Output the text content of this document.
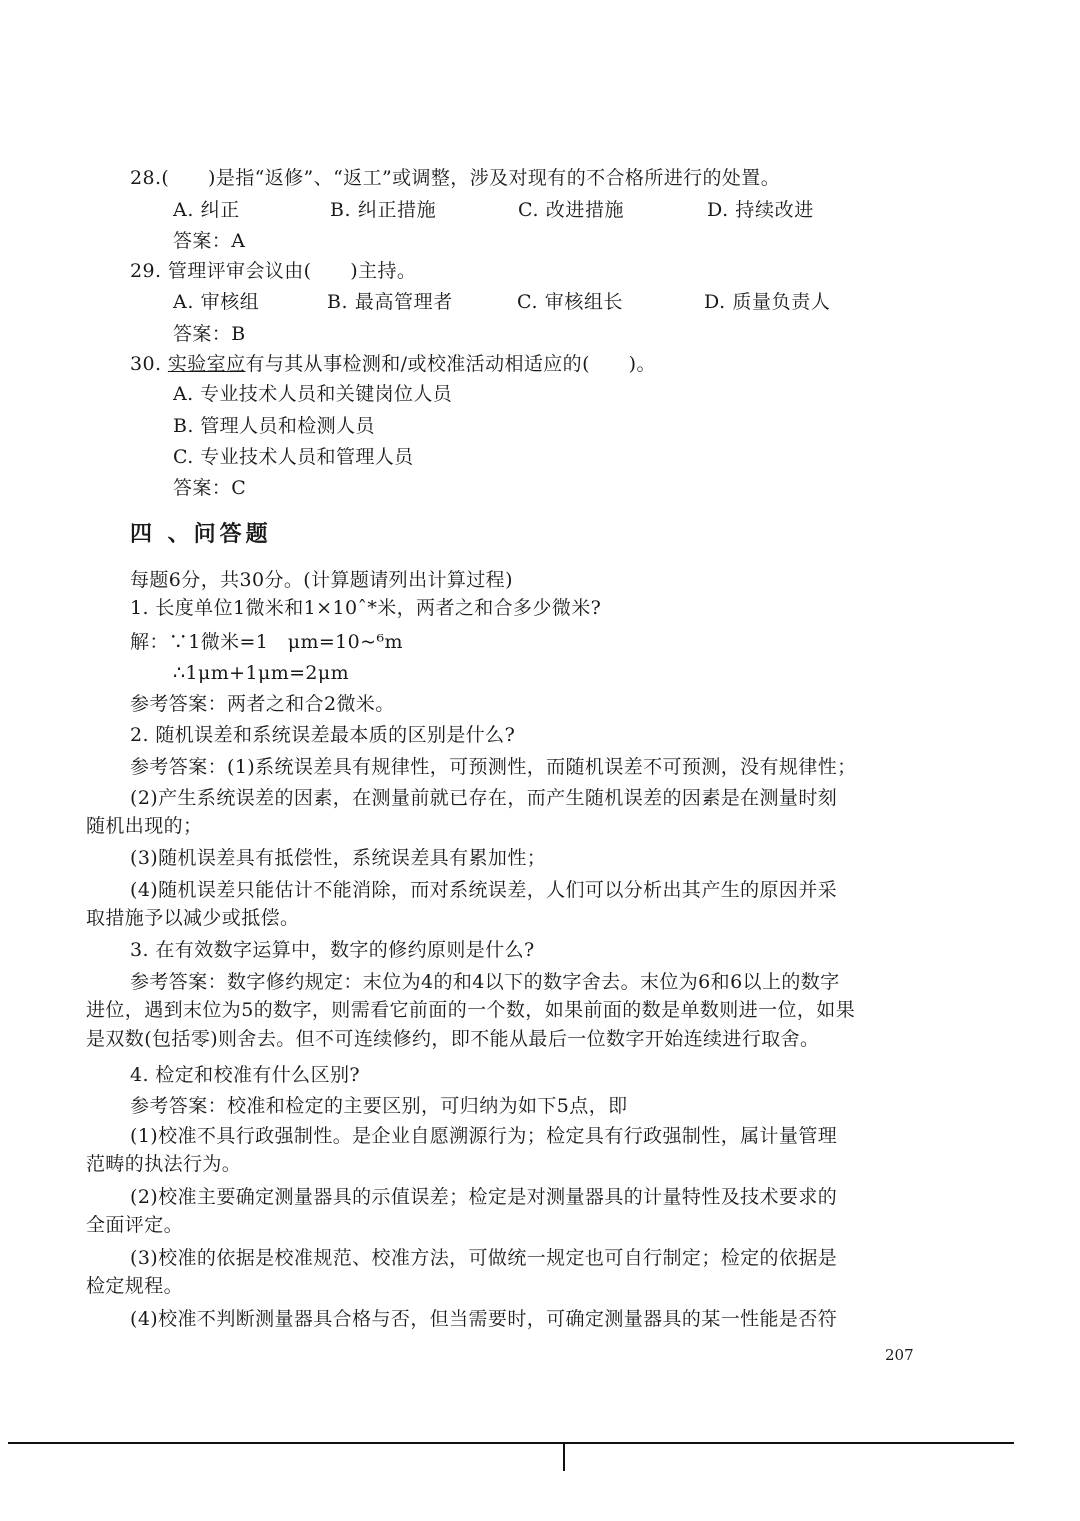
28.(　　)是指“返修”、“返工”或调整，涉及对现有的不合格所进行的处置。
A. 纠正	B. 纠正措施	C. 改进措施	D. 持续改进
答案：A
29. 管理评审会议由(　　)主持。
A. 审核组	B. 最高管理者	C. 审核组长	D. 质量负责人
答案：B
30. 实验室应有与其从事检测和/或校准活动相适应的(　　)。
A. 专业技术人员和关键岗位人员
B. 管理人员和检测人员
C. 专业技术人员和管理人员
答案：C
四 、问答题
每题6分，共30分。(计算题请列出计算过程)
1. 长度单位1微米和1×10ˆ*米，两者之和合多少微米?
解：∵1微米=1　μm=10~⁶m
∴1μm+1μm=2μm
参考答案：两者之和合2微米。
2. 随机误差和系统误差最本质的区别是什么?
参考答案：(1)系统误差具有规律性，可预测性，而随机误差不可预测，没有规律性；
(2)产生系统误差的因素，在测量前就已存在，而产生随机误差的因素是在测量时刻
随机出现的；
(3)随机误差具有抵偿性，系统误差具有累加性；
(4)随机误差只能估计不能消除，而对系统误差，人们可以分析出其产生的原因并采
取措施予以减少或抵偿。
3. 在有效数字运算中，数字的修约原则是什么?
参考答案：数字修约规定：末位为4的和4以下的数字舍去。末位为6和6以上的数字
进位，遇到末位为5的数字，则需看它前面的一个数，如果前面的数是单数则进一位，如果
是双数(包括零)则舍去。但不可连续修约，即不能从最后一位数字开始连续进行取舍。
4. 检定和校准有什么区别?
参考答案：校准和检定的主要区别，可归纳为如下5点，即
(1)校准不具行政强制性。是企业自愿溯源行为；检定具有行政强制性，属计量管理
范畴的执法行为。
(2)校准主要确定测量器具的示值误差；检定是对测量器具的计量特性及技术要求的
全面评定。
(3)校准的依据是校准规范、校准方法，可做统一规定也可自行制定；检定的依据是
检定规程。
(4)校准不判断测量器具合格与否，但当需要时，可确定测量器具的某一性能是否符
207
